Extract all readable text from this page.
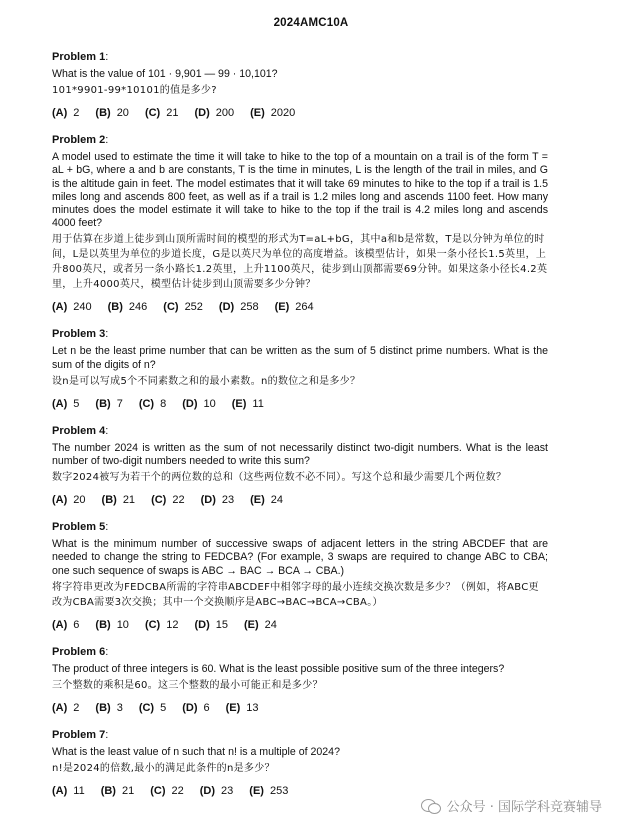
2024AMC10A
Problem 1:
What is the value of 101 · 9,901 — 99 · 10,101?
101*9901-99*10101的值是多少?
(A) 2 (B) 20 (C) 21 (D) 200 (E) 2020
Problem 2:
A model used to estimate the time it will take to hike to the top of a mountain on a trail is of the form T = aL + bG, where a and b are constants, T is the time in minutes, L is the length of the trail in miles, and G is the altitude gain in feet. The model estimates that it will take 69 minutes to hike to the top if a trail is 1.5 miles long and ascends 800 feet, as well as if a trail is 1.2 miles long and ascends 1100 feet. How many minutes does the model estimate it will take to hike to the top if the trail is 4.2 miles long and ascends 4000 feet?
用于估算在步道上徒步到山顶所需时间的模型的形式为T=aL+bG，其中a和b是常数，T是以分钟为单位的时间，L是以英里为单位的步道长度，G是以英尺为单位的高度增益。该模型估计，如果一条小径长1.5英里，上升800英尺，或者另一条小路长1.2英里，上升1100英尺，徒步到山顶都需要69分钟。如果这条小径长4.2英里，上升4000英尺，模型估计徒步到山顶需要多少分钟？
(A) 240 (B) 246 (C) 252 (D) 258 (E) 264
Problem 3:
Let n be the least prime number that can be written as the sum of 5 distinct prime numbers. What is the sum of the digits of n?
设n是可以写成5个不同素数之和的最小素数。n的数位之和是多少？
(A) 5 (B) 7 (C) 8 (D) 10 (E) 11
Problem 4:
The number 2024 is written as the sum of not necessarily distinct two-digit numbers. What is the least number of two-digit numbers needed to write this sum?
数字2024被写为若干个的两位数的总和（这些两位数不必不同）。写这个总和最少需要几个两位数？
(A) 20 (B) 21 (C) 22 (D) 23 (E) 24
Problem 5:
What is the minimum number of successive swaps of adjacent letters in the string ABCDEF that are needed to change the string to FEDCBA? (For example, 3 swaps are required to change ABC to CBA; one such sequence of swaps is ABC → BAC → BCA → CBA.)
将字符串更改为FEDCBA所需的字符串ABCDEF中相邻字母的最小连续交换次数是多少？（例如，将ABC更改为CBA需要3次交换；其中一个交换顺序是ABC→BAC→BCA→CBA。）
(A) 6 (B) 10 (C) 12 (D) 15 (E) 24
Problem 6:
The product of three integers is 60. What is the least possible positive sum of the three integers?
三个整数的乘积是60。这三个整数的最小可能正和是多少？
(A) 2 (B) 3 (C) 5 (D) 6 (E) 13
Problem 7:
What is the least value of n such that n! is a multiple of 2024?
n!是2024的倍数,最小的满足此条件的n是多少？
(A) 11 (B) 21 (C) 22 (D) 23 (E) 253
公众号 · 国际学科竞赛辅导
